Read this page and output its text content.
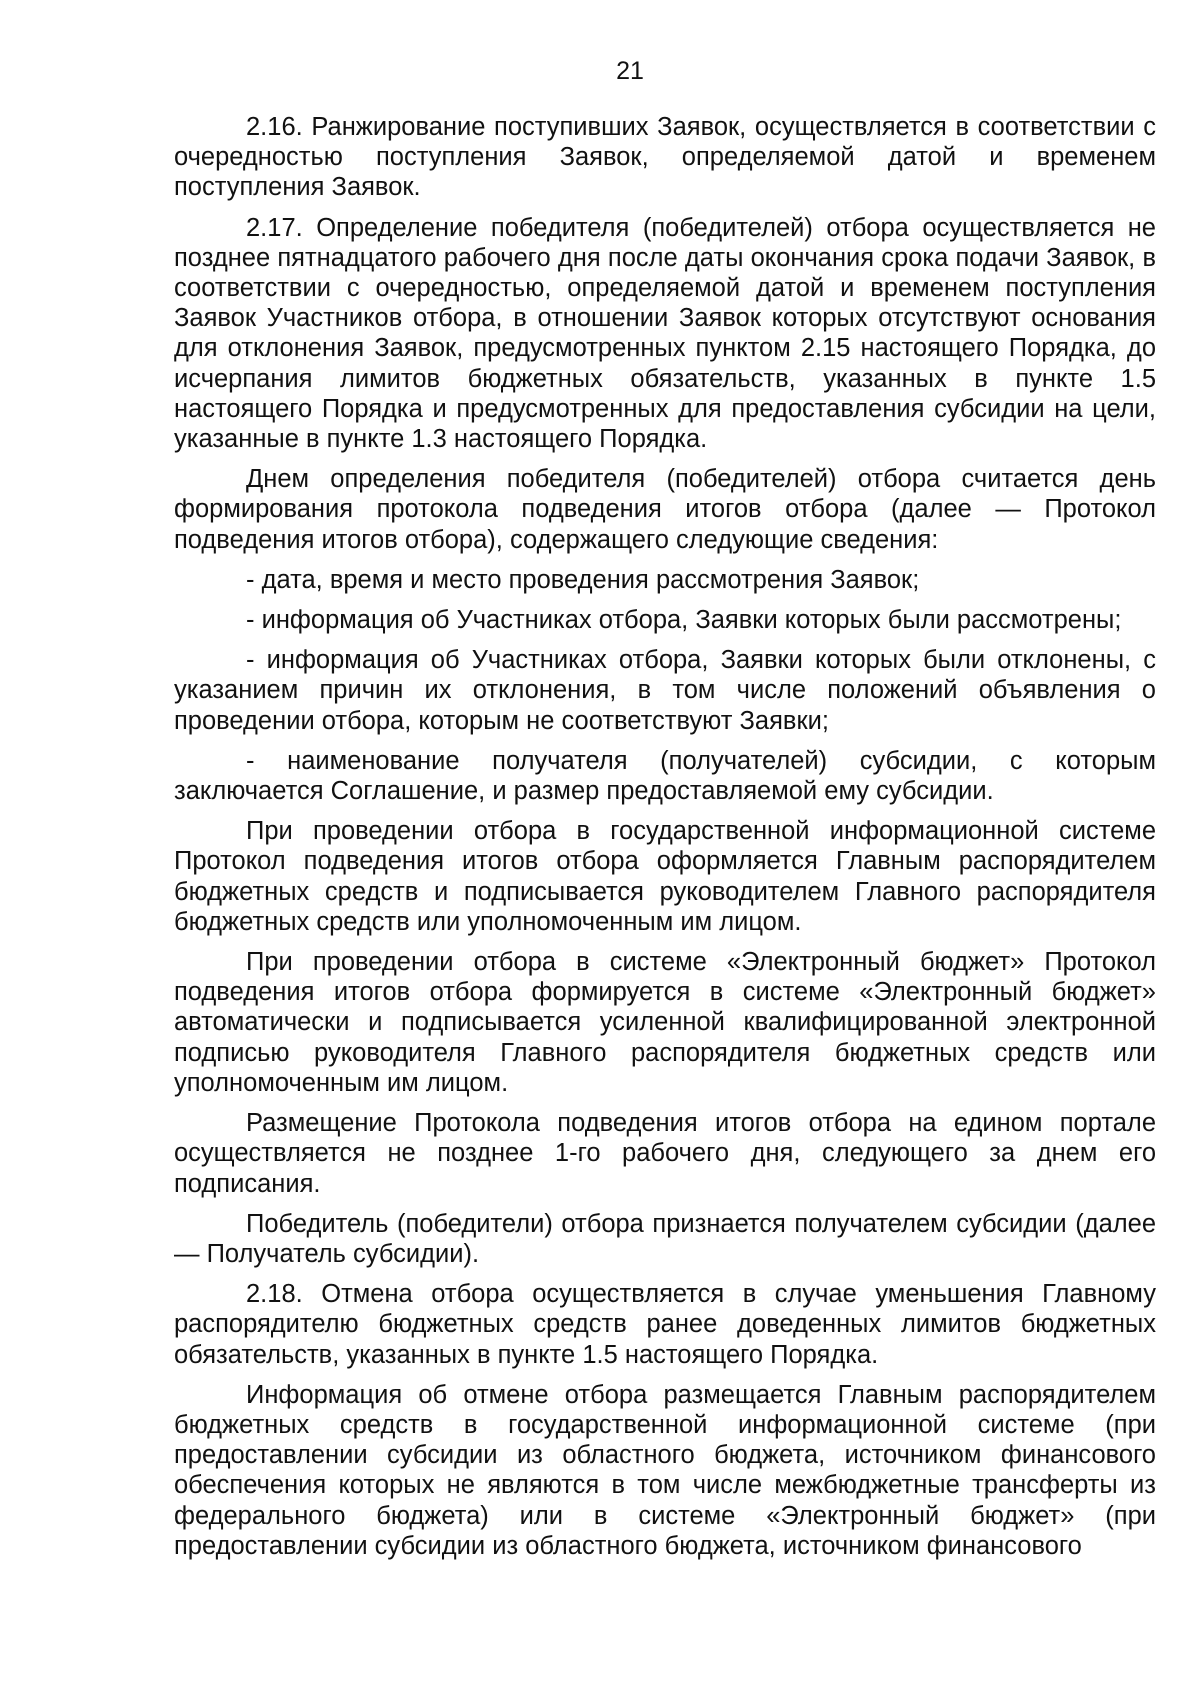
21

2.16. Ранжирование поступивших Заявок, осуществляется в соответствии с очередностью поступления Заявок, определяемой датой и временем поступления Заявок.

2.17. Определение победителя (победителей) отбора осуществляется не позднее пятнадцатого рабочего дня после даты окончания срока подачи Заявок, в соответствии с очередностью, определяемой датой и временем поступления Заявок Участников отбора, в отношении Заявок которых отсутствуют основания для отклонения Заявок, предусмотренных пунктом 2.15 настоящего Порядка, до исчерпания лимитов бюджетных обязательств, указанных в пункте 1.5 настоящего Порядка и предусмотренных для предоставления субсидии на цели, указанные в пункте 1.3 настоящего Порядка.

Днем определения победителя (победителей) отбора считается день формирования протокола подведения итогов отбора (далее — Протокол подведения итогов отбора), содержащего следующие сведения:

- дата, время и место проведения рассмотрения Заявок;

- информация об Участниках отбора, Заявки которых были рассмотрены;

- информация об Участниках отбора, Заявки которых были отклонены, с указанием причин их отклонения, в том числе положений объявления о проведении отбора, которым не соответствуют Заявки;

- наименование получателя (получателей) субсидии, с которым заключается Соглашение, и размер предоставляемой ему субсидии.

При проведении отбора в государственной информационной системе Протокол подведения итогов отбора оформляется Главным распорядителем бюджетных средств и подписывается руководителем Главного распорядителя бюджетных средств или уполномоченным им лицом.

При проведении отбора в системе «Электронный бюджет» Протокол подведения итогов отбора формируется в системе «Электронный бюджет» автоматически и подписывается усиленной квалифицированной электронной подписью руководителя Главного распорядителя бюджетных средств или уполномоченным им лицом.

Размещение Протокола подведения итогов отбора на едином портале осуществляется не позднее 1-го рабочего дня, следующего за днем его подписания.

Победитель (победители) отбора признается получателем субсидии (далее — Получатель субсидии).

2.18. Отмена отбора осуществляется в случае уменьшения Главному распорядителю бюджетных средств ранее доведенных лимитов бюджетных обязательств, указанных в пункте 1.5 настоящего Порядка.

Информация об отмене отбора размещается Главным распорядителем бюджетных средств в государственной информационной системе (при предоставлении субсидии из областного бюджета, источником финансового обеспечения которых не являются в том числе межбюджетные трансферты из федерального бюджета) или в системе «Электронный бюджет» (при предоставлении субсидии из областного бюджета, источником финансового
